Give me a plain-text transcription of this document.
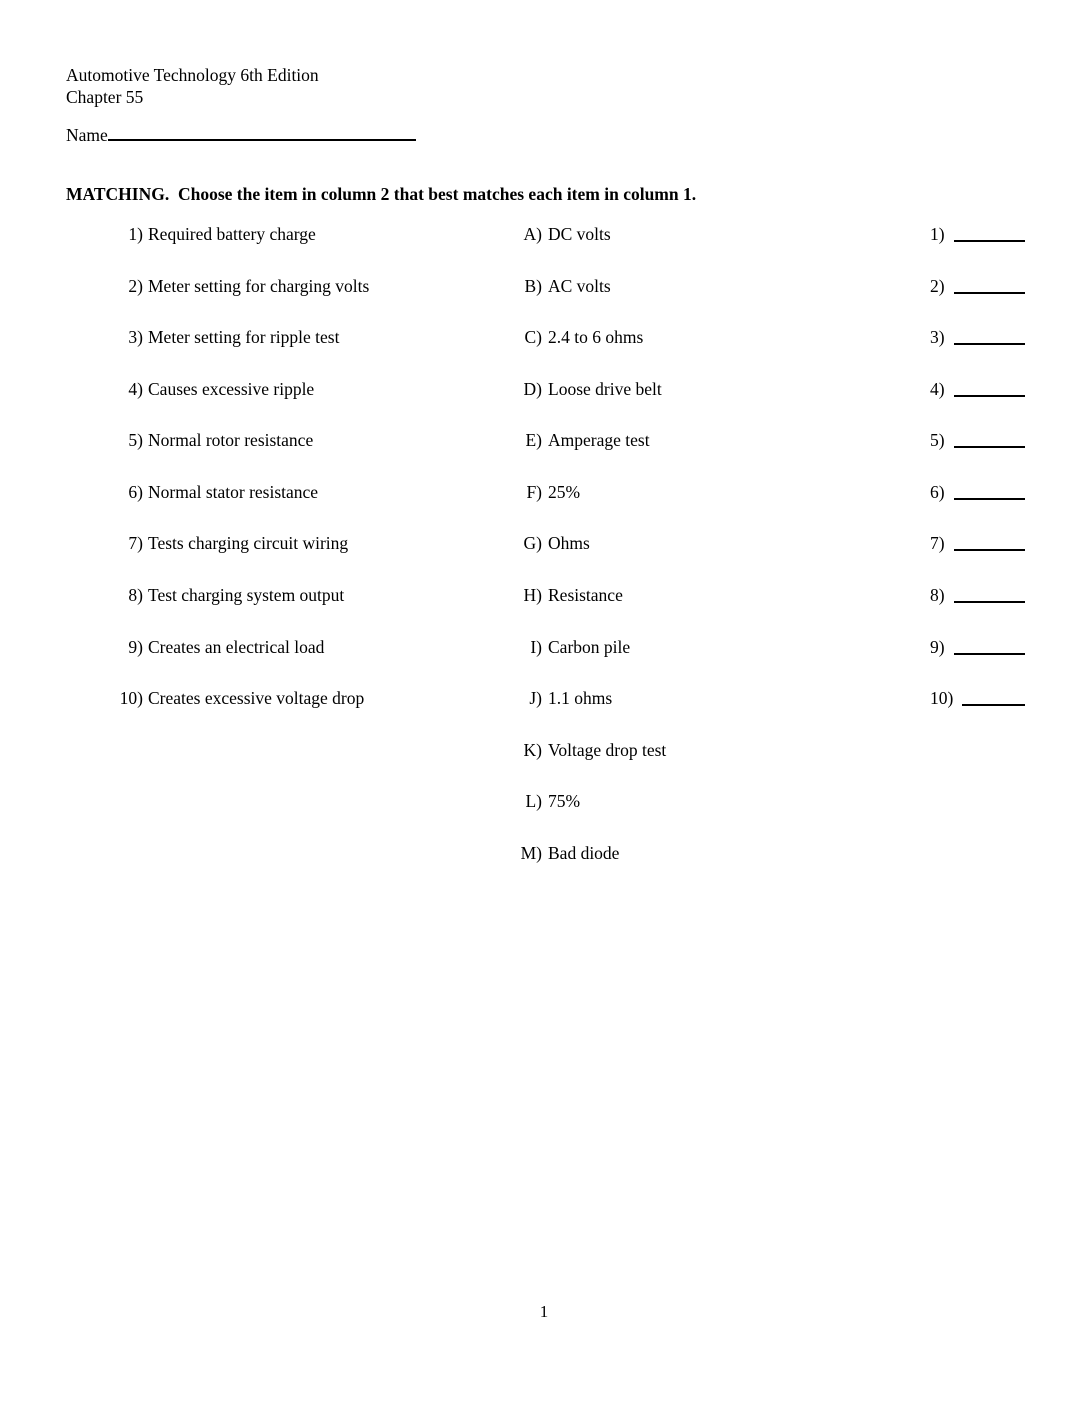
Automotive Technology 6th Edition
Chapter 55
Name
MATCHING.  Choose the item in column 2 that best matches each item in column 1.
1) Required battery charge	A) DC volts	1)
2) Meter setting for charging volts	B) AC volts	2)
3) Meter setting for ripple test	C) 2.4 to 6 ohms	3)
4) Causes excessive ripple	D) Loose drive belt	4)
5) Normal rotor resistance	E) Amperage test	5)
6) Normal stator resistance	F) 25%	6)
7) Tests charging circuit wiring	G) Ohms	7)
8) Test charging system output	H) Resistance	8)
9) Creates an electrical load	I) Carbon pile	9)
10) Creates excessive voltage drop	J) 1.1 ohms	10)
K) Voltage drop test
L) 75%
M) Bad diode
1
